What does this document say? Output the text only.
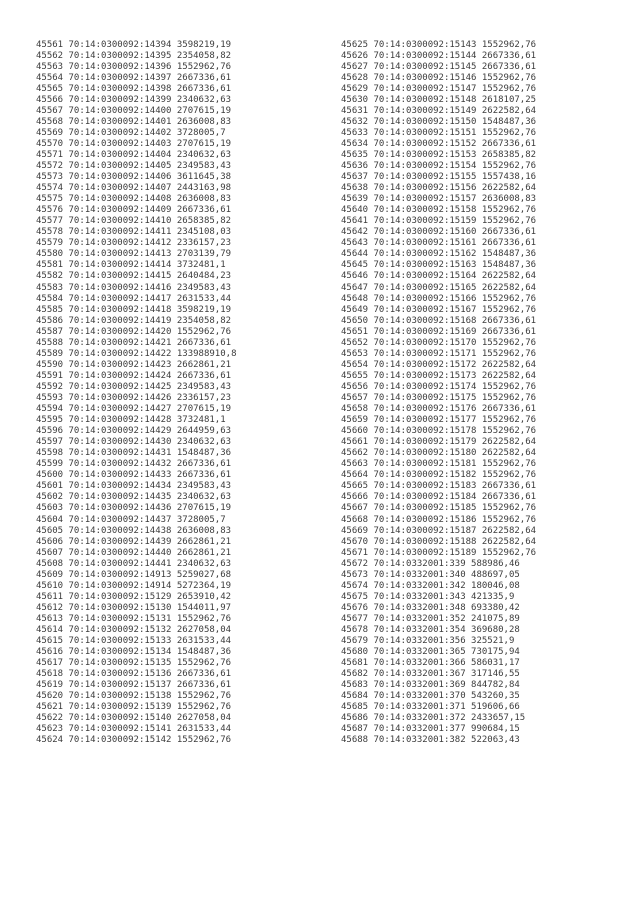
45561 70:14:0300092:14394 3598219,19
45562 70:14:0300092:14395 2354058,82
45563 70:14:0300092:14396 1552962,76
45564 70:14:0300092:14397 2667336,61
45565 70:14:0300092:14398 2667336,61
45566 70:14:0300092:14399 2340632,63
45567 70:14:0300092:14400 2707615,19
45568 70:14:0300092:14401 2636008,83
45569 70:14:0300092:14402 3728005,7
45570 70:14:0300092:14403 2707615,19
45571 70:14:0300092:14404 2340632,63
45572 70:14:0300092:14405 2349583,43
45573 70:14:0300092:14406 3611645,38
45574 70:14:0300092:14407 2443163,98
45575 70:14:0300092:14408 2636008,83
45576 70:14:0300092:14409 2667336,61
45577 70:14:0300092:14410 2658385,82
45578 70:14:0300092:14411 2345108,03
45579 70:14:0300092:14412 2336157,23
45580 70:14:0300092:14413 2703139,79
45581 70:14:0300092:14414 3732481,1
45582 70:14:0300092:14415 2640484,23
45583 70:14:0300092:14416 2349583,43
45584 70:14:0300092:14417 2631533,44
45585 70:14:0300092:14418 3598219,19
45586 70:14:0300092:14419 2354058,82
45587 70:14:0300092:14420 1552962,76
45588 70:14:0300092:14421 2667336,61
45589 70:14:0300092:14422 133988910,8
45590 70:14:0300092:14423 2662861,21
45591 70:14:0300092:14424 2667336,61
45592 70:14:0300092:14425 2349583,43
45593 70:14:0300092:14426 2336157,23
45594 70:14:0300092:14427 2707615,19
45595 70:14:0300092:14428 3732481,1
45596 70:14:0300092:14429 2644959,63
45597 70:14:0300092:14430 2340632,63
45598 70:14:0300092:14431 1548487,36
45599 70:14:0300092:14432 2667336,61
45600 70:14:0300092:14433 2667336,61
45601 70:14:0300092:14434 2349583,43
45602 70:14:0300092:14435 2340632,63
45603 70:14:0300092:14436 2707615,19
45604 70:14:0300092:14437 3728005,7
45605 70:14:0300092:14438 2636008,83
45606 70:14:0300092:14439 2662861,21
45607 70:14:0300092:14440 2662861,21
45608 70:14:0300092:14441 2340632,63
45609 70:14:0300092:14913 5259027,68
45610 70:14:0300092:14914 5272364,19
45611 70:14:0300092:15129 2653910,42
45612 70:14:0300092:15130 1544011,97
45613 70:14:0300092:15131 1552962,76
45614 70:14:0300092:15132 2627058,04
45615 70:14:0300092:15133 2631533,44
45616 70:14:0300092:15134 1548487,36
45617 70:14:0300092:15135 1552962,76
45618 70:14:0300092:15136 2667336,61
45619 70:14:0300092:15137 2667336,61
45620 70:14:0300092:15138 1552962,76
45621 70:14:0300092:15139 1552962,76
45622 70:14:0300092:15140 2627058,04
45623 70:14:0300092:15141 2631533,44
45624 70:14:0300092:15142 1552962,76
45625 70:14:0300092:15143 1552962,76
45626 70:14:0300092:15144 2667336,61
45627 70:14:0300092:15145 2667336,61
45628 70:14:0300092:15146 1552962,76
45629 70:14:0300092:15147 1552962,76
45630 70:14:0300092:15148 2618107,25
45631 70:14:0300092:15149 2622582,64
45632 70:14:0300092:15150 1548487,36
45633 70:14:0300092:15151 1552962,76
45634 70:14:0300092:15152 2667336,61
45635 70:14:0300092:15153 2658385,82
45636 70:14:0300092:15154 1552962,76
45637 70:14:0300092:15155 1557438,16
45638 70:14:0300092:15156 2622582,64
45639 70:14:0300092:15157 2636008,83
45640 70:14:0300092:15158 1552962,76
45641 70:14:0300092:15159 1552962,76
45642 70:14:0300092:15160 2667336,61
45643 70:14:0300092:15161 2667336,61
45644 70:14:0300092:15162 1548487,36
45645 70:14:0300092:15163 1548487,36
45646 70:14:0300092:15164 2622582,64
45647 70:14:0300092:15165 2622582,64
45648 70:14:0300092:15166 1552962,76
45649 70:14:0300092:15167 1552962,76
45650 70:14:0300092:15168 2667336,61
45651 70:14:0300092:15169 2667336,61
45652 70:14:0300092:15170 1552962,76
45653 70:14:0300092:15171 1552962,76
45654 70:14:0300092:15172 2622582,64
45655 70:14:0300092:15173 2622582,64
45656 70:14:0300092:15174 1552962,76
45657 70:14:0300092:15175 1552962,76
45658 70:14:0300092:15176 2667336,61
45659 70:14:0300092:15177 1552962,76
45660 70:14:0300092:15178 1552962,76
45661 70:14:0300092:15179 2622582,64
45662 70:14:0300092:15180 2622582,64
45663 70:14:0300092:15181 1552962,76
45664 70:14:0300092:15182 1552962,76
45665 70:14:0300092:15183 2667336,61
45666 70:14:0300092:15184 2667336,61
45667 70:14:0300092:15185 1552962,76
45668 70:14:0300092:15186 1552962,76
45669 70:14:0300092:15187 2622582,64
45670 70:14:0300092:15188 2622582,64
45671 70:14:0300092:15189 1552962,76
45672 70:14:0332001:339 588986,46
45673 70:14:0332001:340 488697,05
45674 70:14:0332001:342 180046,08
45675 70:14:0332001:343 421335,9
45676 70:14:0332001:348 693380,42
45677 70:14:0332001:352 241075,89
45678 70:14:0332001:354 369680,28
45679 70:14:0332001:356 325521,9
45680 70:14:0332001:365 730175,94
45681 70:14:0332001:366 586031,17
45682 70:14:0332001:367 317146,55
45683 70:14:0332001:369 844782,84
45684 70:14:0332001:370 543260,35
45685 70:14:0332001:371 519606,66
45686 70:14:0332001:372 2433657,15
45687 70:14:0332001:377 990684,15
45688 70:14:0332001:382 522063,43
